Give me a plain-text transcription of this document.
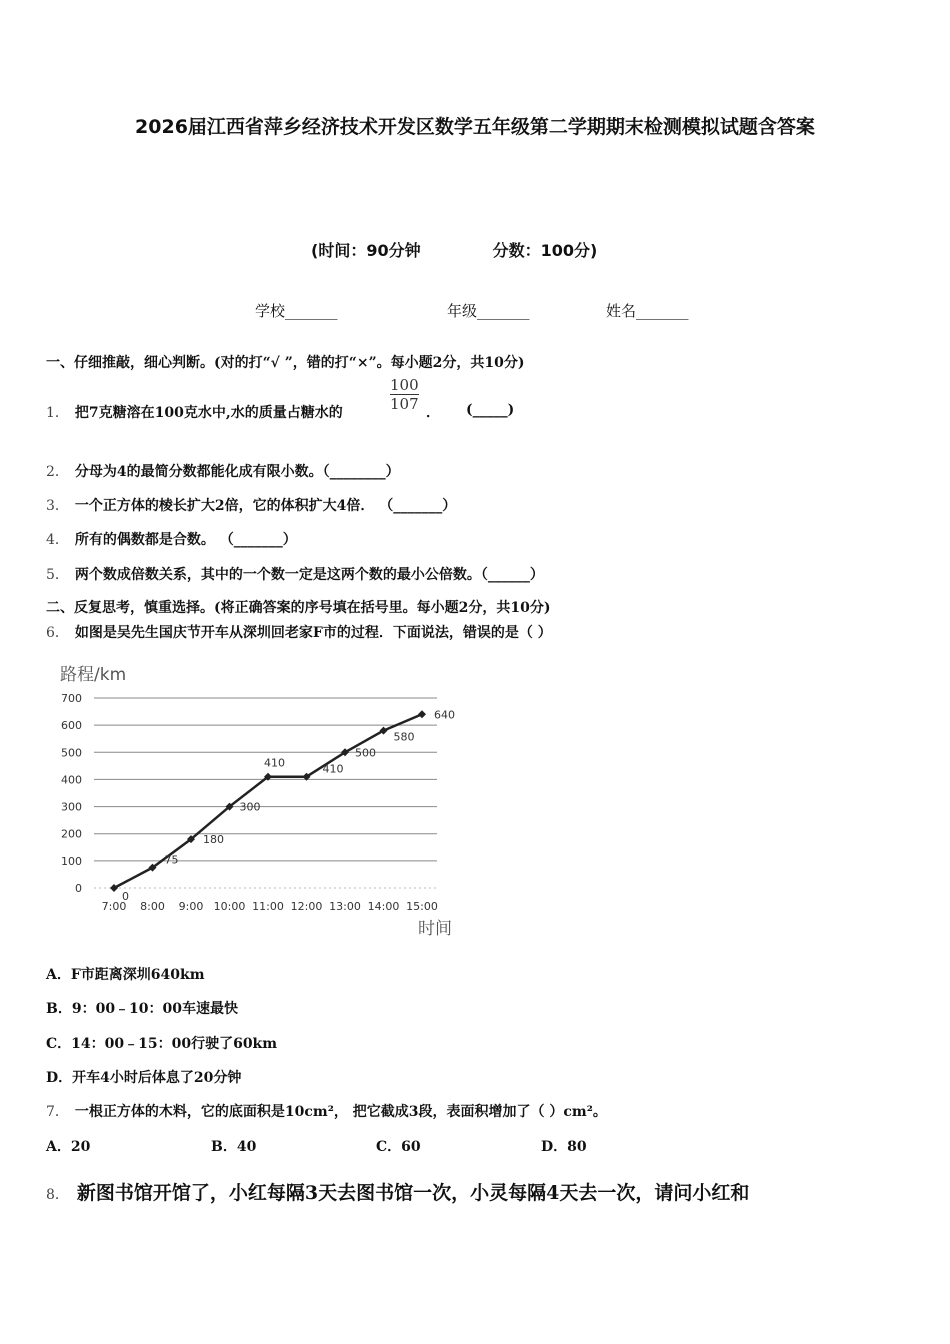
2026届江西省萍乡经济技术开发区数学五年级第二学期期末检测模拟试题含答案
(时间：90分钟	分数：100分)
学校_______	年级_______	姓名_______
一、仔细推敲，细心判断。(对的打“√ ”，错的打“×”。每小题2分，共10分)
1． 把7克糖溶在100克水中,水的质量占糖水的	$\frac{100}{107}$ ． (_____)
2． 分母为4的最简分数都能化成有限小数。（________）
3． 一个正方体的棱长扩大2倍，它的体积扩大4倍． （_______）
4． 所有的偶数都是合数。 （_______）
5． 两个数成倍数关系，其中的一个数一定是这两个数的最小公倍数。（______）
二、反复思考，慎重选择。(将正确答案的序号填在括号里。每小题2分，共10分)
6． 如图是吴先生国庆节开车从深圳回老家F市的过程．下面说法，错误的是（ ）
路程/km
0
100
200
300
400
500
600
700
7:00 8:00 9:00 10:00 11:00 12:00 13:00 14:00 15:00
时间
0
75
180
300
410	410
500
580
640
A．F市距离深圳640km
B．9：00﹣10：00车速最快
C．14：00﹣15：00行驶了60km
D．开车4小时后体息了20分钟
7． 一根正方体的木料，它的底面积是10cm²， 把它截成3段，表面积增加了（ ）cm²。
A．20	B．40	C．60	D．80
8． 新图书馆开馆了，小红每隔3天去图书馆一次，小灵每隔4天去一次，请问小红和
